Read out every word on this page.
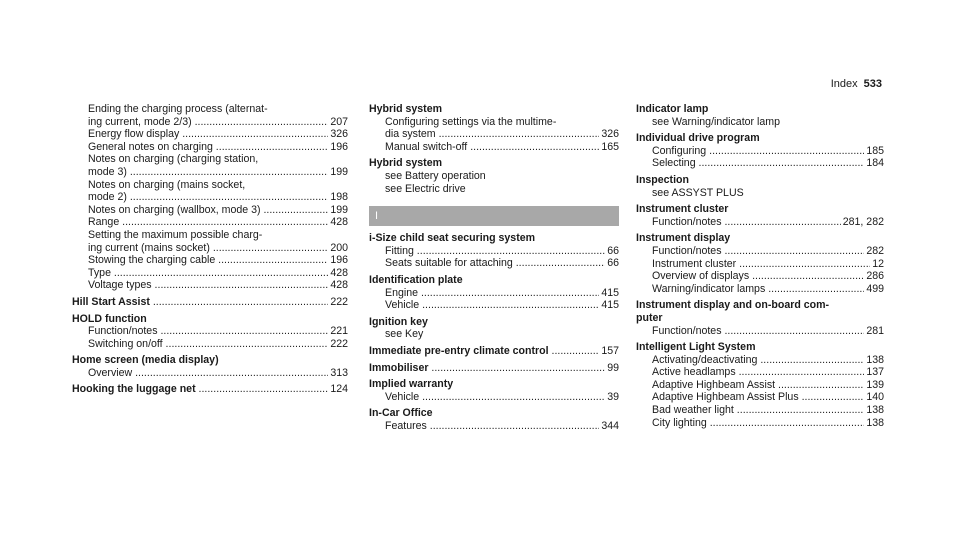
Index 533
Ending the charging process (alternat-
ing current, mode 2/3) .....	207
Energy flow display .....	326
General notes on charging .....	196
Notes on charging (charging station,
mode 3) .....	199
Notes on charging (mains socket,
mode 2) .....	198
Notes on charging (wallbox, mode 3) .....	199
Range .....	428
Setting the maximum possible charg-
ing current (mains socket) .....	200
Stowing the charging cable .....	196
Type .....	428
Voltage types .....	428
Hill Start Assist .....	222
HOLD function
Function/notes .....	221
Switching on/off .....	222
Home screen (media display)
Overview .....	313
Hooking the luggage net .....	124
Hybrid system
Configuring settings via the multime-
dia system .....	326
Manual switch-off .....	165
Hybrid system
see Battery operation
see Electric drive
I
i-Size child seat securing system
Fitting .....	66
Seats suitable for attaching .....	66
Identification plate
Engine .....	415
Vehicle .....	415
Ignition key
see Key
Immediate pre-entry climate control .....	157
Immobiliser .....	99
Implied warranty
Vehicle .....	39
In-Car Office
Features .....	344
Indicator lamp
see Warning/indicator lamp
Individual drive program
Configuring .....	185
Selecting .....	184
Inspection
see ASSYST PLUS
Instrument cluster
Function/notes .....	281, 282
Instrument display
Function/notes .....	282
Instrument cluster .....	12
Overview of displays .....	286
Warning/indicator lamps .....	499
Instrument display and on-board com-
puter
Function/notes .....	281
Intelligent Light System
Activating/deactivating .....	138
Active headlamps .....	137
Adaptive Highbeam Assist .....	139
Adaptive Highbeam Assist Plus .....	140
Bad weather light .....	138
City lighting .....	138
